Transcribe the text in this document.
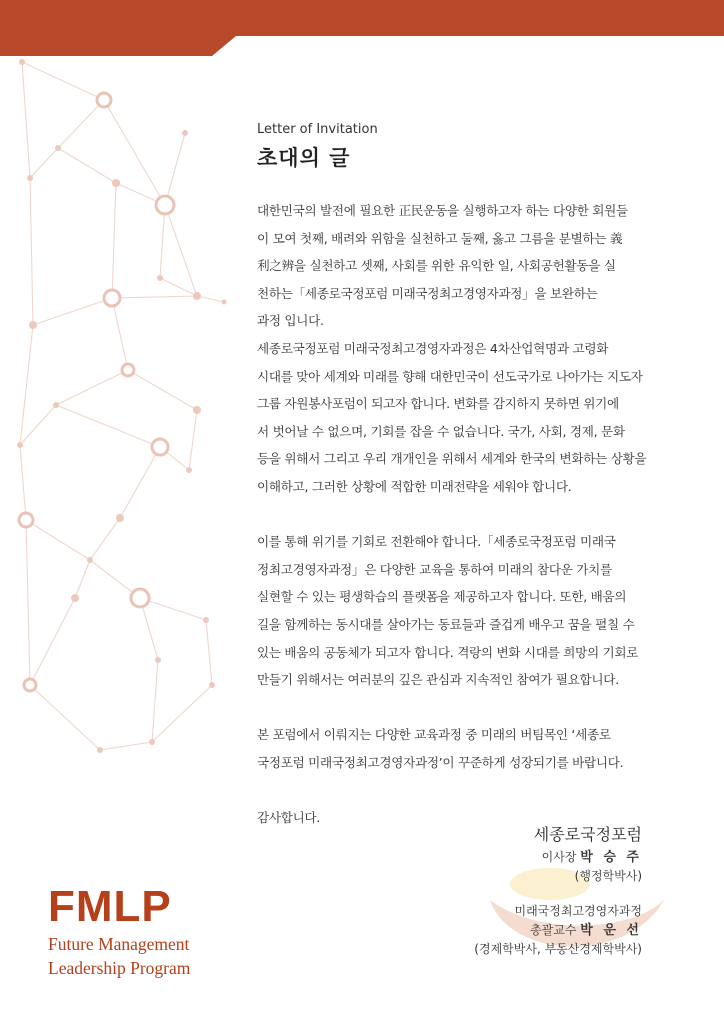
Letter of Invitation

초대의 글

대한민국의 발전에 필요한 正民운동을 실행하고자 하는 다양한 회원들

이 모여 첫째, 배려와 위함을 실천하고 둘째, 옳고 그름을 분별하는 義

利之辨을 실천하고 셋째, 사회를 위한 유익한 일, 사회공헌활동을 실

천하는「세종로국정포럼 미래국정최고경영자과정」을 보완하는

과정 입니다.

세종로국정포럼 미래국정최고경영자과정은 4차산업혁명과 고령화

시대를 맞아 세계와 미래를 향해 대한민국이 선도국가로 나아가는 지도자

그룹 자원봉사포럼이 되고자 합니다. 변화를 감지하지 못하면 위기에

서 벗어날 수 없으며, 기회를 잡을 수 없습니다. 국가, 사회, 경제, 문화

등을 위해서 그리고 우리 개개인을 위해서 세계와 한국의 변화하는 상황을

이해하고, 그러한 상황에 적합한 미래전략을 세워야 합니다.

이를 통해 위기를 기회로 전환해야 합니다.「세종로국정포럼 미래국

정최고경영자과정」은 다양한 교육을 통하여 미래의 참다운 가치를

실현할 수 있는 평생학습의 플랫폼을 제공하고자 합니다. 또한, 배움의

길을 함께하는 동시대를 살아가는 동료들과 즐겁게 배우고 꿈을 펼칠 수

있는 배움의 공동체가 되고자 합니다. 격랑의 변화 시대를 희망의 기회로

만들기 위해서는 여러분의 깊은 관심과 지속적인 참여가 필요합니다.

본 포럼에서 이뤄지는 다양한 교육과정 중 미래의 버팀목인 ‘세종로

국정포럼 미래국정최고경영자과정’이 꾸준하게 성장되기를 바랍니다.

감사합니다.

세종로국정포럼
이사장 박 승 주
(행정학박사)
미래국정최고경영자과정
총괄교수 박 운 선
(경제학박사, 부동산경제학박사)
FMLP
Future Management
Leadership Program
